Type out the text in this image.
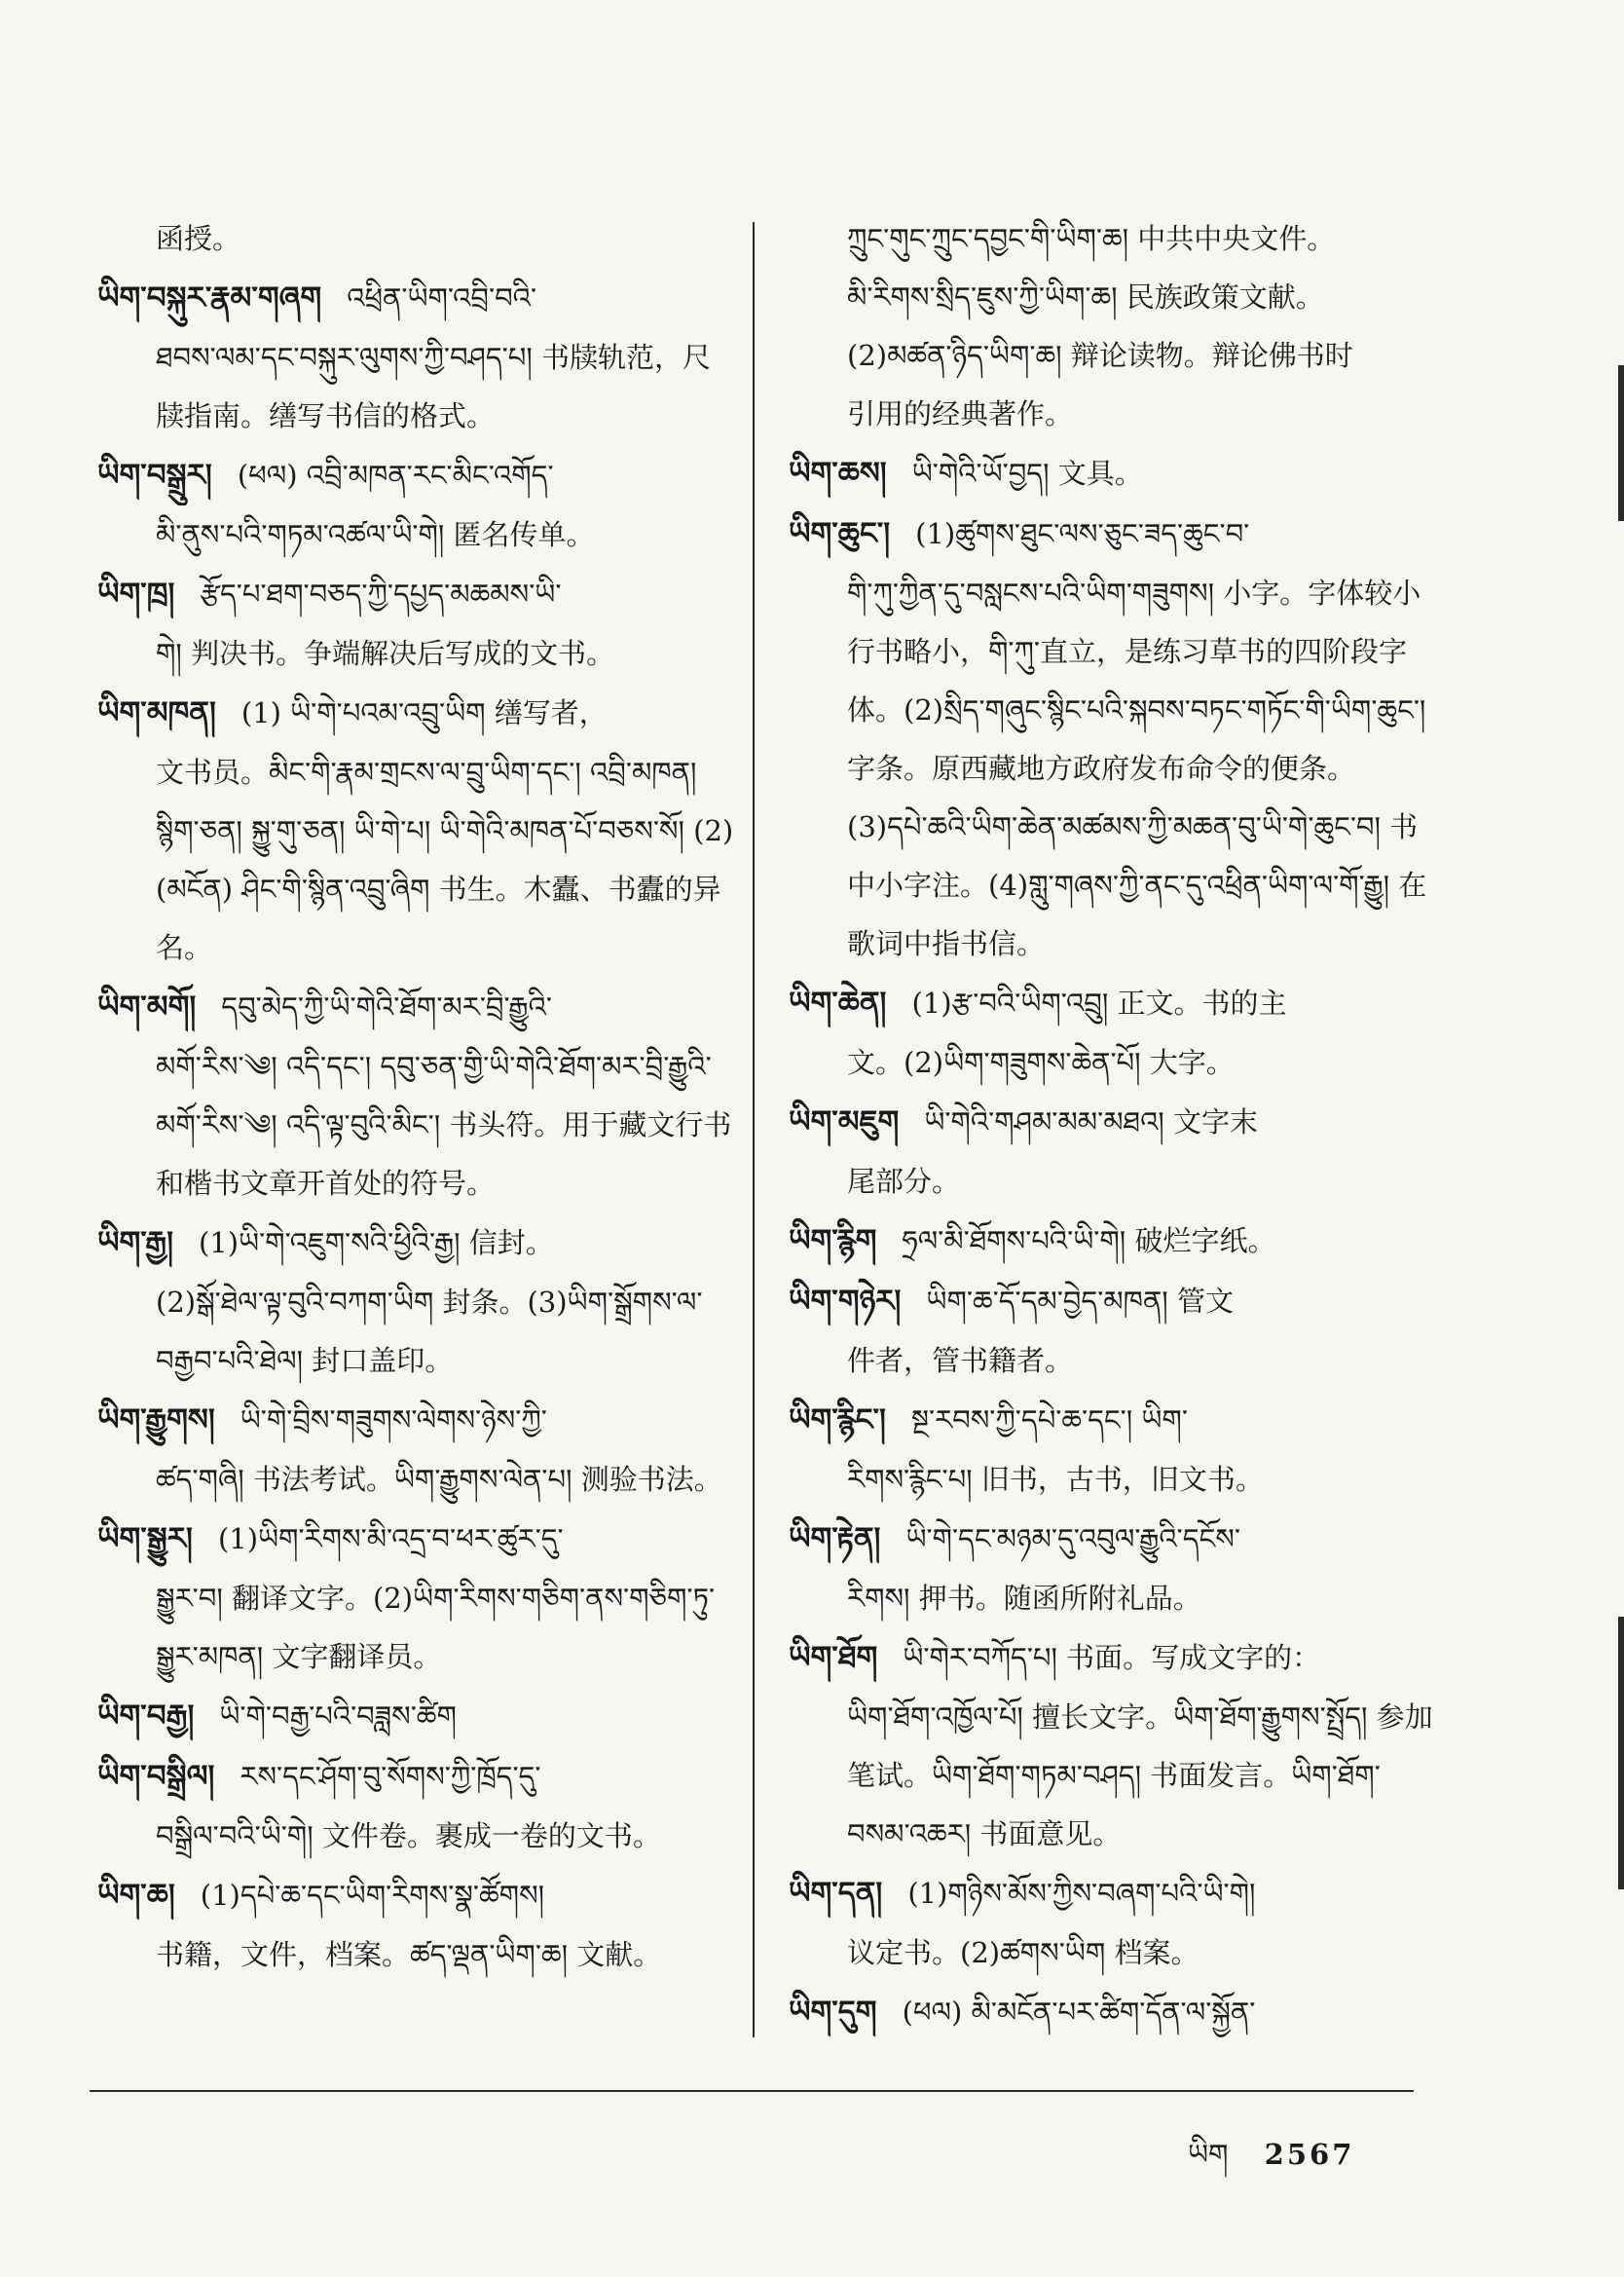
函授。

ཡིག་བསྐུར་རྣམ་གཞག འཕྲིན་ཡིག་འབྲི་བའི་
ཐབས་ལམ་དང་བསྐུར་ལུགས་ཀྱི་བཤད་པ། 书牍轨范，尺牍指南。缮写书信的格式。
ཡིག་བསྒྲུར། (ཕལ) འབྲི་མཁན་རང་མིང་འགོད་
མི་ནུས་པའི་གཏམ་འཚལ་ཡི་གེ། 匿名传单。
ཡིག་ཁྲ། རྩོད་པ་ཐག་བཅད་ཀྱི་དཔྱད་མཆམས་ཡི་
གེ། 判决书。争端解决后写成的文书。
ཡིག་མཁན། (1) ཡི་གེ་པའམ་འབྲུ་ཡིག 缮写者，
文书员。མིང་གི་རྣམ་གྲངས་ལ་བྲུ་ཡིག་དང་། འབྲི་མཁན། སྙིག་ཅན། སྐྱུ་གུ་ཅན། ཡི་གེ་པ། ཡི་གེའི་མཁན་པོ་བཅས་སོ། (2)(མངོན) ཤིང་གི་སྙིན་འབྲུ་ཞིག 书生。木蠹、书蠹的异名。
ཡིག་མགོ། དབུ་མེད་ཀྱི་ཡི་གེའི་ཐོག་མར་བྲི་རྒྱུའི་
མགོ་རིས་༄། འདི་དང་། དབུ་ཅན་གྱི་ཡི་གེའི་ཐོག་མར་བྲི་རྒྱུའི་མགོ་རིས་༄། འདི་ལྟ་བུའི་མིང་། 书头符。用于藏文行书和楷书文章开首处的符号。
ཡིག་རྒྱ། (1)ཡི་གེ་འཇུག་སའི་ཕྱིའི་རྒྱ། 信封。
(2)སྒོ་ཐེལ་ལྟ་བུའི་བཀག་ཡིག 封条。(3)ཡིག་སྒྲོགས་ལ་བརྒྱབ་པའི་ཐེལ། 封口盖印。
ཡིག་རྒྱུགས། ཡི་གེ་བྲིས་གཟུགས་ལེགས་ཉེས་ཀྱི་
ཚད་གཞི། 书法考试。ཡིག་རྒྱུགས་ལེན་པ། 测验书法。
ཡིག་སྒྱུར། (1)ཡིག་རིགས་མི་འདྲ་བ་ཕར་ཚུར་དུ་
སྒྱུར་བ། 翻译文字。(2)ཡིག་རིགས་གཅིག་ནས་གཅིག་ཏུ་སྒྱུར་མཁན། 文字翻译员。
ཡིག་བརྒྱ། ཡི་གེ་བརྒྱ་པའི་བཟླས་ཚིག
ཡིག་བསྒྲིལ། རས་དང་ཤོག་བུ་སོགས་ཀྱི་ཁྲོད་དུ་
བསྒྲིལ་བའི་ཡི་གེ། 文件卷。裹成一卷的文书。
ཡིག་ཆ། (1)དཔེ་ཆ་དང་ཡིག་རིགས་སྣ་ཚོགས།
书籍，文件，档案。ཚད་ལྡན་ཡིག་ཆ། 文献。
ཀྲུང་གུང་ཀྲུང་དབྱང་གི་ཡིག་ཆ། 中共中央文件。
མི་རིགས་སྲིད་ཇུས་ཀྱི་ཡིག་ཆ། 民族政策文献。
(2)མཚན་ཉིད་ཡིག་ཆ། 辩论读物。辩论佛书时
引用的经典著作。
ཡིག་ཆས། ཡི་གེའི་ཡོ་བྱད། 文具。
ཡིག་ཆུང་། (1)ཚུགས་ཐུང་ལས་ཅུང་ཟད་ཆུང་བ་
གི་ཀུ་ཀྱིན་དུ་བསླངས་པའི་ཡིག་གཟུགས། 小字。字体较小行书略小，གི་ཀུ་直立，是练习草书的四阶段字体。(2)སྲིད་གཞུང་སྙིང་པའི་སྐབས་བཏང་གཏོང་གི་ཡིག་ཆུང་། 字条。原西藏地方政府发布命令的便条。(3)དཔེ་ཆའི་ཡིག་ཆེན་མཚམས་ཀྱི་མཆན་བུ་ཡི་གེ་ཆུང་བ། 书中小字注。(4)གླུ་གཞས་ཀྱི་ནང་དུ་འཕྲིན་ཡིག་ལ་གོ་རྒྱུ། 在歌词中指书信。
ཡིག་ཆེན། (1)རྩ་བའི་ཡིག་འབྲུ། 正文。书的主
文。(2)ཡིག་གཟུགས་ཆེན་པོ། 大字。
ཡིག་མཇུག ཡི་གེའི་གཤམ་མམ་མཐའ། 文字末
尾部分。
ཡིག་རྙིག ཧྲལ་མི་ཐོགས་པའི་ཡི་གེ། 破烂字纸。
ཡིག་གཉེར། ཡིག་ཆ་དོ་དམ་བྱེད་མཁན། 管文
件者，管书籍者。
ཡིག་རྙིང་། སྔ་རབས་ཀྱི་དཔེ་ཆ་དང་། ཡིག་
རིགས་རྙིང་པ། 旧书，古书，旧文书。
ཡིག་རྟེན། ཡི་གེ་དང་མཉམ་དུ་འབུལ་རྒྱུའི་དངོས་
རིགས། 押书。随函所附礼品。
ཡིག་ཐོག ཡི་གེར་བཀོད་པ། 书面。写成文字的：
ཡིག་ཐོག་འཁྱོལ་པོ། 擅长文字。ཡིག་ཐོག་རྒྱུགས་སྤྲོད། 参加笔试。ཡིག་ཐོག་གཏམ་བཤད། 书面发言。ཡིག་ཐོག་བསམ་འཆར། 书面意见。
ཡིག་དན། (1)གཉིས་མོས་ཀྱིས་བཞག་པའི་ཡི་གེ།
议定书。(2)ཚགས་ཡིག 档案。
ཡིག་དུག (ཕལ) མི་མངོན་པར་ཚིག་དོན་ལ་སྐྱོན་
ཡིག 2567
